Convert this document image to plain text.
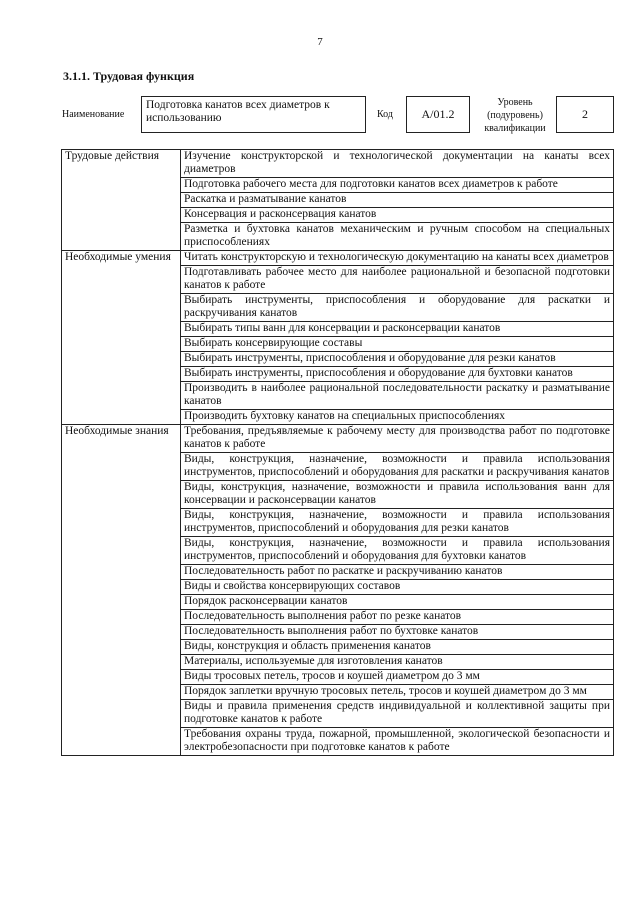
7
3.1.1. Трудовая функция
Наименование
Подготовка канатов всех диаметров к использованию	Код	А/01.2
Уровень
(подуровень)
квалификации
2
Трудовые действия	Изучение конструкторской и технологической документации на канаты всех диаметров
	Подготовка рабочего места для подготовки канатов всех диаметров к работе
	Раскатка и разматывание канатов
	Консервация и расконсервация канатов
	Разметка и бухтовка канатов механическим и ручным способом на специальных приспособлениях
Необходимые умения	Читать конструкторскую и технологическую документацию на канаты всех диаметров
	Подготавливать рабочее место для наиболее рациональной и безопасной подготовки канатов к работе
	Выбирать инструменты, приспособления и оборудование для раскатки и раскручивания канатов
	Выбирать типы ванн для консервации и расконсервации канатов
	Выбирать консервирующие составы
	Выбирать инструменты, приспособления и оборудование для резки канатов
	Выбирать инструменты, приспособления и оборудование для бухтовки канатов
	Производить в наиболее рациональной последовательности раскатку и разматывание канатов
	Производить бухтовку канатов на специальных приспособлениях
Необходимые знания	Требования, предъявляемые к рабочему месту для производства работ по подготовке канатов к работе
	Виды, конструкция, назначение, возможности и правила использования инструментов, приспособлений и оборудования для раскатки и раскручивания канатов
	Виды, конструкция, назначение, возможности и правила использования ванн для консервации и расконсервации канатов
	Виды, конструкция, назначение, возможности и правила использования инструментов, приспособлений и оборудования для резки канатов
	Виды, конструкция, назначение, возможности и правила использования инструментов, приспособлений и оборудования для бухтовки канатов
	Последовательность работ по раскатке и раскручиванию канатов
	Виды и свойства консервирующих составов
	Порядок расконсервации канатов
	Последовательность выполнения работ по резке канатов
	Последовательность выполнения работ по бухтовке канатов
	Виды, конструкция и область применения канатов
	Материалы, используемые для изготовления канатов
	Виды тросовых петель, тросов и коушей диаметром до 3 мм
	Порядок заплетки вручную тросовых петель, тросов и коушей диаметром до 3 мм
	Виды и правила применения средств индивидуальной и коллективной защиты при подготовке канатов к работе
	Требования охраны труда, пожарной, промышленной, экологической безопасности и электробезопасности при подготовке канатов к работе
